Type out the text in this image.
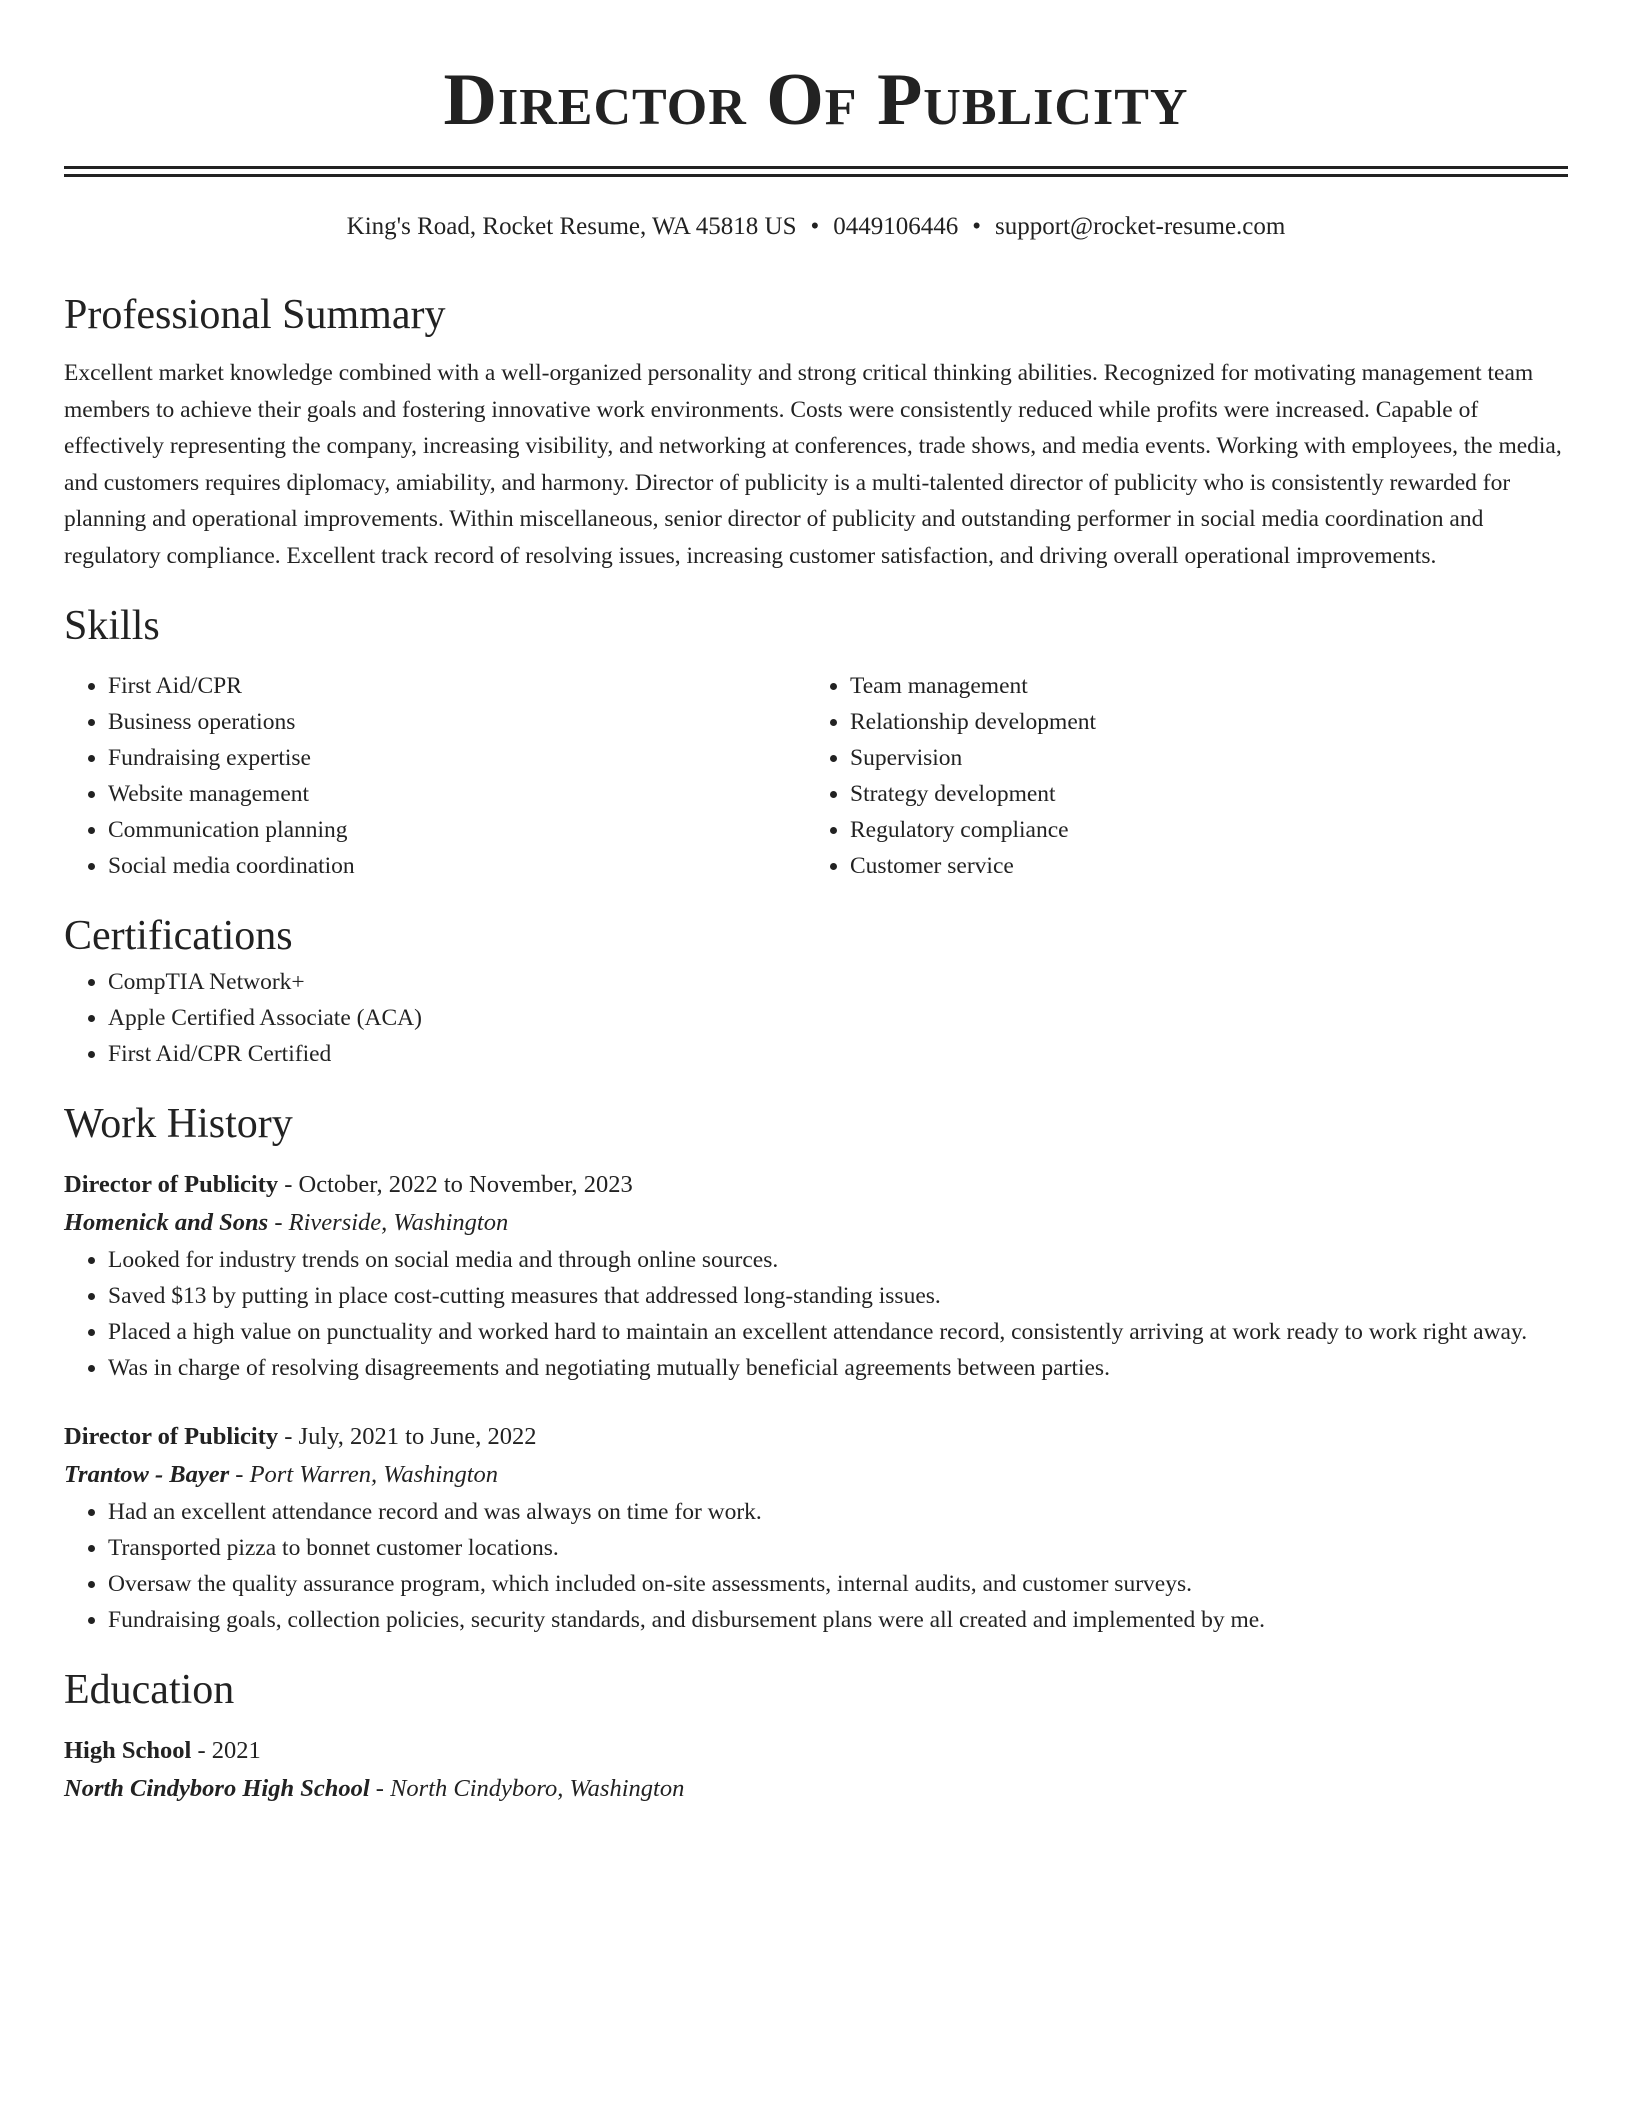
Director Of Publicity
King's Road, Rocket Resume, WA 45818 US • 0449106446 • support@rocket-resume.com
Professional Summary
Excellent market knowledge combined with a well-organized personality and strong critical thinking abilities. Recognized for motivating management team members to achieve their goals and fostering innovative work environments. Costs were consistently reduced while profits were increased. Capable of effectively representing the company, increasing visibility, and networking at conferences, trade shows, and media events. Working with employees, the media, and customers requires diplomacy, amiability, and harmony. Director of publicity is a multi-talented director of publicity who is consistently rewarded for planning and operational improvements. Within miscellaneous, senior director of publicity and outstanding performer in social media coordination and regulatory compliance. Excellent track record of resolving issues, increasing customer satisfaction, and driving overall operational improvements.
Skills
• First Aid/CPR
• Business operations
• Fundraising expertise
• Website management
• Communication planning
• Social media coordination
• Team management
• Relationship development
• Supervision
• Strategy development
• Regulatory compliance
• Customer service
Certifications
• CompTIA Network+
• Apple Certified Associate (ACA)
• First Aid/CPR Certified
Work History
Director of Publicity - October, 2022 to November, 2023
Homenick and Sons - Riverside, Washington
• Looked for industry trends on social media and through online sources.
• Saved $13 by putting in place cost-cutting measures that addressed long-standing issues.
• Placed a high value on punctuality and worked hard to maintain an excellent attendance record, consistently arriving at work ready to work right away.
• Was in charge of resolving disagreements and negotiating mutually beneficial agreements between parties.
Director of Publicity - July, 2021 to June, 2022
Trantow - Bayer - Port Warren, Washington
• Had an excellent attendance record and was always on time for work.
• Transported pizza to bonnet customer locations.
• Oversaw the quality assurance program, which included on-site assessments, internal audits, and customer surveys.
• Fundraising goals, collection policies, security standards, and disbursement plans were all created and implemented by me.
Education
High School - 2021
North Cindyboro High School - North Cindyboro, Washington
